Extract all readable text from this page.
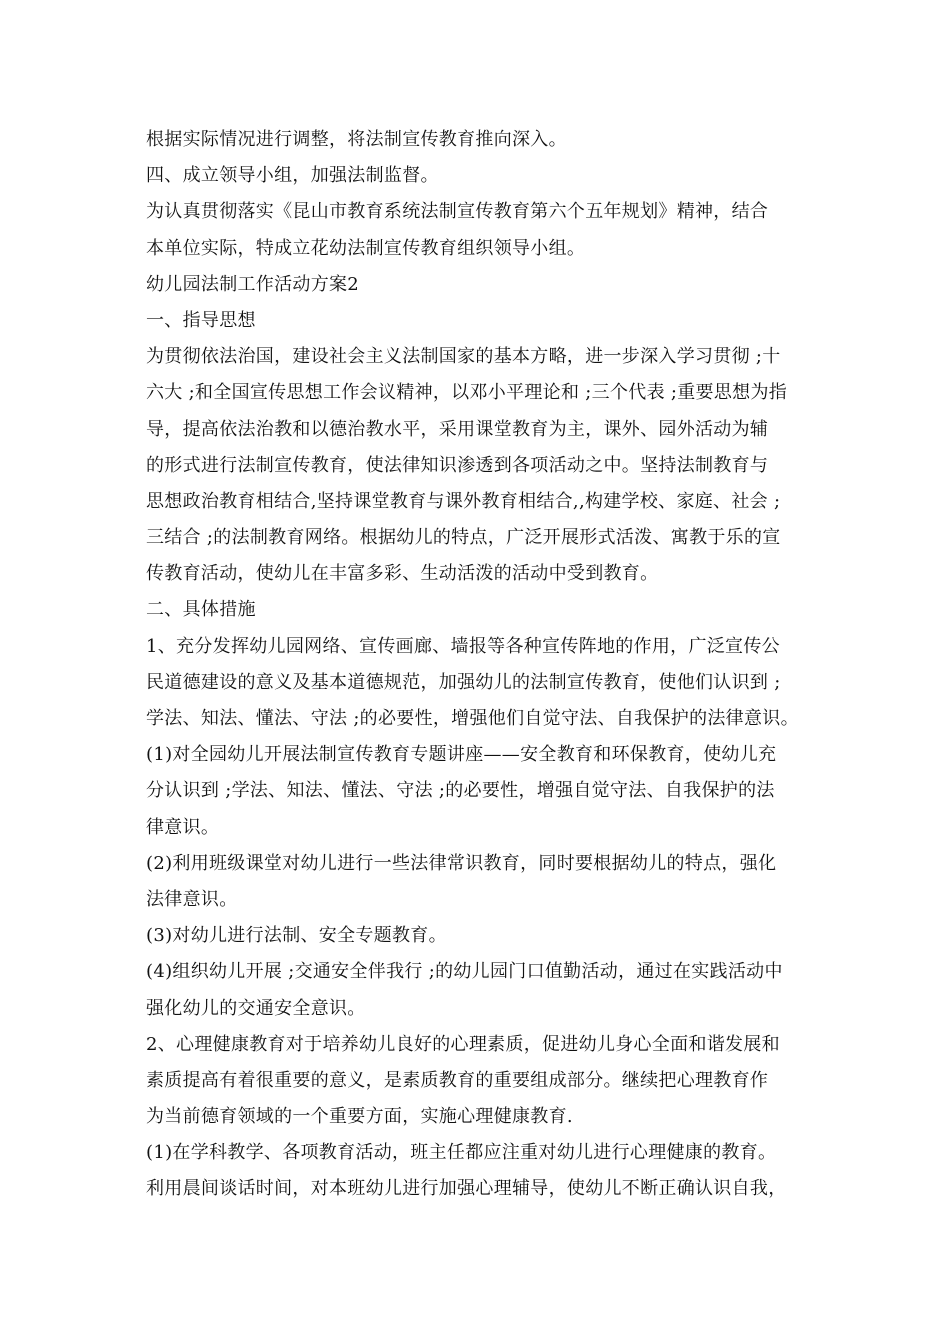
根据实际情况进行调整，将法制宣传教育推向深入。
四、成立领导小组，加强法制监督。
为认真贯彻落实《昆山市教育系统法制宣传教育第六个五年规划》精神，结合
本单位实际，特成立花幼法制宣传教育组织领导小组。
幼儿园法制工作活动方案2
一、指导思想
为贯彻依法治国，建设社会主义法制国家的基本方略，进一步深入学习贯彻 ;十
六大 ;和全国宣传思想工作会议精神，以邓小平理论和 ;三个代表 ;重要思想为指
导，提高依法治教和以德治教水平，采用课堂教育为主，课外、园外活动为辅
的形式进行法制宣传教育，使法律知识渗透到各项活动之中。坚持法制教育与
思想政治教育相结合,坚持课堂教育与课外教育相结合,,构建学校、家庭、社会 ;
三结合 ;的法制教育网络。根据幼儿的特点，广泛开展形式活泼、寓教于乐的宣
传教育活动，使幼儿在丰富多彩、生动活泼的活动中受到教育。
二、具体措施
1、充分发挥幼儿园网络、宣传画廊、墙报等各种宣传阵地的作用，广泛宣传公
民道德建设的意义及基本道德规范，加强幼儿的法制宣传教育，使他们认识到 ;
学法、知法、懂法、守法 ;的必要性，增强他们自觉守法、自我保护的法律意识。
(1)对全园幼儿开展法制宣传教育专题讲座——安全教育和环保教育，使幼儿充
分认识到 ;学法、知法、懂法、守法 ;的必要性，增强自觉守法、自我保护的法
律意识。
(2)利用班级课堂对幼儿进行一些法律常识教育，同时要根据幼儿的特点，强化
法律意识。
(3)对幼儿进行法制、安全专题教育。
(4)组织幼儿开展 ;交通安全伴我行 ;的幼儿园门口值勤活动，通过在实践活动中
强化幼儿的交通安全意识。
2、心理健康教育对于培养幼儿良好的心理素质，促进幼儿身心全面和谐发展和
素质提高有着很重要的意义，是素质教育的重要组成部分。继续把心理教育作
为当前德育领域的一个重要方面，实施心理健康教育.
(1)在学科教学、各项教育活动，班主任都应注重对幼儿进行心理健康的教育。
利用晨间谈话时间，对本班幼儿进行加强心理辅导，使幼儿不断正确认识自我，
